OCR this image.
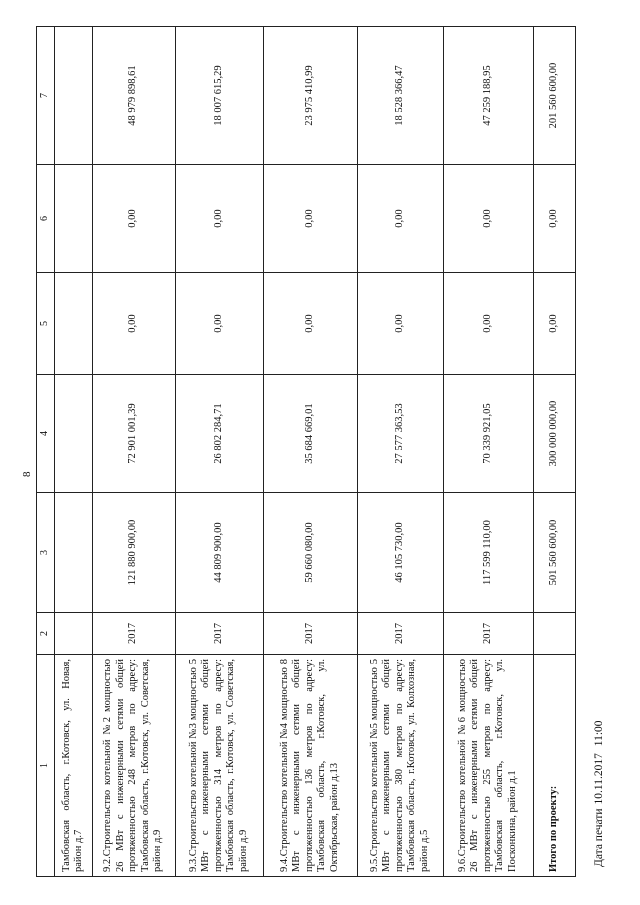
8
1	2	3	4	5	6	7
Тамбовская область, г.Котовск, ул. Новая, район д.7						
9.2.Строительство котельной №2 мощностью 26 МВт с инженерными сетями общей протяженностью 248 метров по адресу: Тамбовская область, г.Котовск, ул. Советская, район д.9	2017	121 880 900,00	72 901 001,39	0,00	0,00	48 979 898,61
9.3.Строительство котельной №3 мощностью 5 МВт с инженерными сетями общей протяженностью 314 метров по адресу: Тамбовская область, г.Котовск, ул. Советская, район д.9	2017	44 809 900,00	26 802 284,71	0,00	0,00	18 007 615,29
9.4.Строительство котельной №4 мощностью 8 МВт с инженерными сетями общей протяженностью 136 метров по адресу: Тамбовская область, г.Котовск, ул. Октябрьская, район д.13	2017	59 660 080,00	35 684 669,01	0,00	0,00	23 975 410,99
9.5.Строительство котельной №5 мощностью 5 МВт с инженерными сетями общей протяженностью 380 метров по адресу: Тамбовская область, г.Котовск, ул. Колхозная, район д.5	2017	46 105 730,00	27 577 363,53	0,00	0,00	18 528 366,47
9.6.Строительство котельной №6 мощностью 26 МВт с инженерными сетями общей протяженностью 255 метров по адресу: Тамбовская область, г.Котовск, ул. Посконкина, район д.1	2017	117 599 110,00	70 339 921,05	0,00	0,00	47 259 188,95
Итого по проекту:		501 560 600,00	300 000 000,00	0,00	0,00	201 560 600,00
Дата печати10.11.2017 11:00
